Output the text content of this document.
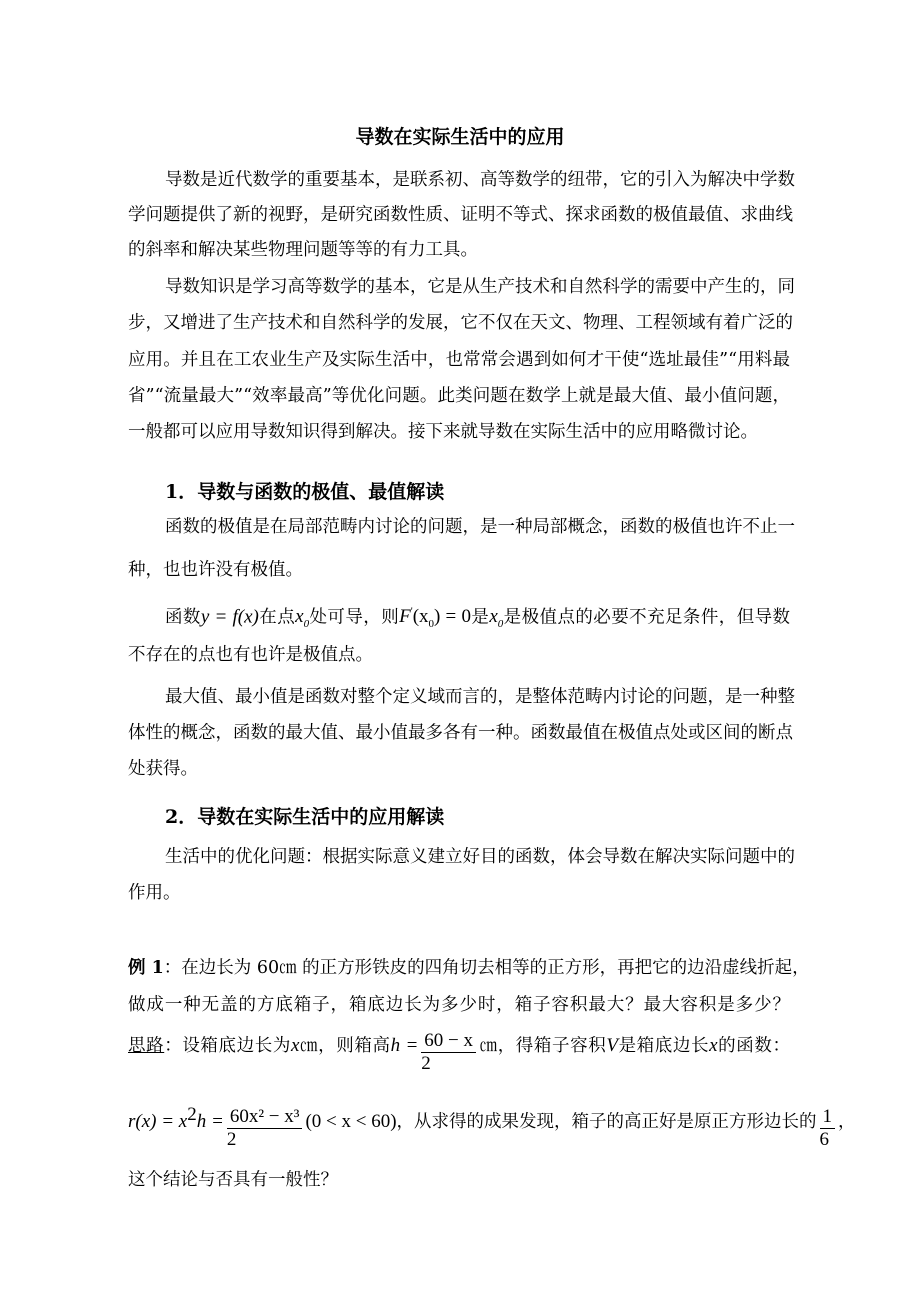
导数在实际生活中的应用
导数是近代数学的重要基本，是联系初、高等数学的纽带，它的引入为解决中学数
学问题提供了新的视野，是研究函数性质、证明不等式、探求函数的极值最值、求曲线
的斜率和解决某些物理问题等等的有力工具。
导数知识是学习高等数学的基本，它是从生产技术和自然科学的需要中产生的，同
步，又增进了生产技术和自然科学的发展，它不仅在天文、物理、工程领域有着广泛的
应用。并且在工农业生产及实际生活中，也常常会遇到如何才干使“选址最佳”“用料最
省”“流量最大”“效率最高”等优化问题。此类问题在数学上就是最大值、最小值问题，
一般都可以应用导数知识得到解决。接下来就导数在实际生活中的应用略微讨论。
1．导数与函数的极值、最值解读
函数的极值是在局部范畴内讨论的问题，是一种局部概念，函数的极值也许不止一
种，也也许没有极值。
函数y = f(x)在点$x_0$处可导，则$F'(x_0) = 0$是$x_0$是极值点的必要不充足条件，但导数
不存在的点也有也许是极值点。
最大值、最小值是函数对整个定义域而言的，是整体范畴内讨论的问题，是一种整
体性的概念，函数的最大值、最小值最多各有一种。函数最值在极值点处或区间的断点
处获得。
2．导数在实际生活中的应用解读
生活中的优化问题：根据实际意义建立好目的函数，体会导数在解决实际问题中的
作用。
例 1：在边长为 60㎝ 的正方形铁皮的四角切去相等的正方形，再把它的边沿虚线折起，
做成一种无盖的方底箱子，箱底边长为多少时，箱子容积最大？最大容积是多少？
思路：设箱底边长为x㎝，则箱高$h = \frac{60 - x}{2}$ ㎝，得箱子容积V是箱底边长x的函数：
$r(x) = x^2h = \frac{\text{60x² − x³}}{2} (0 < x < 60)$，从求得的成果发现，箱子的高正好是原正方形边长的 $\frac{1}{6}$ ，
这个结论与否具有一般性？
